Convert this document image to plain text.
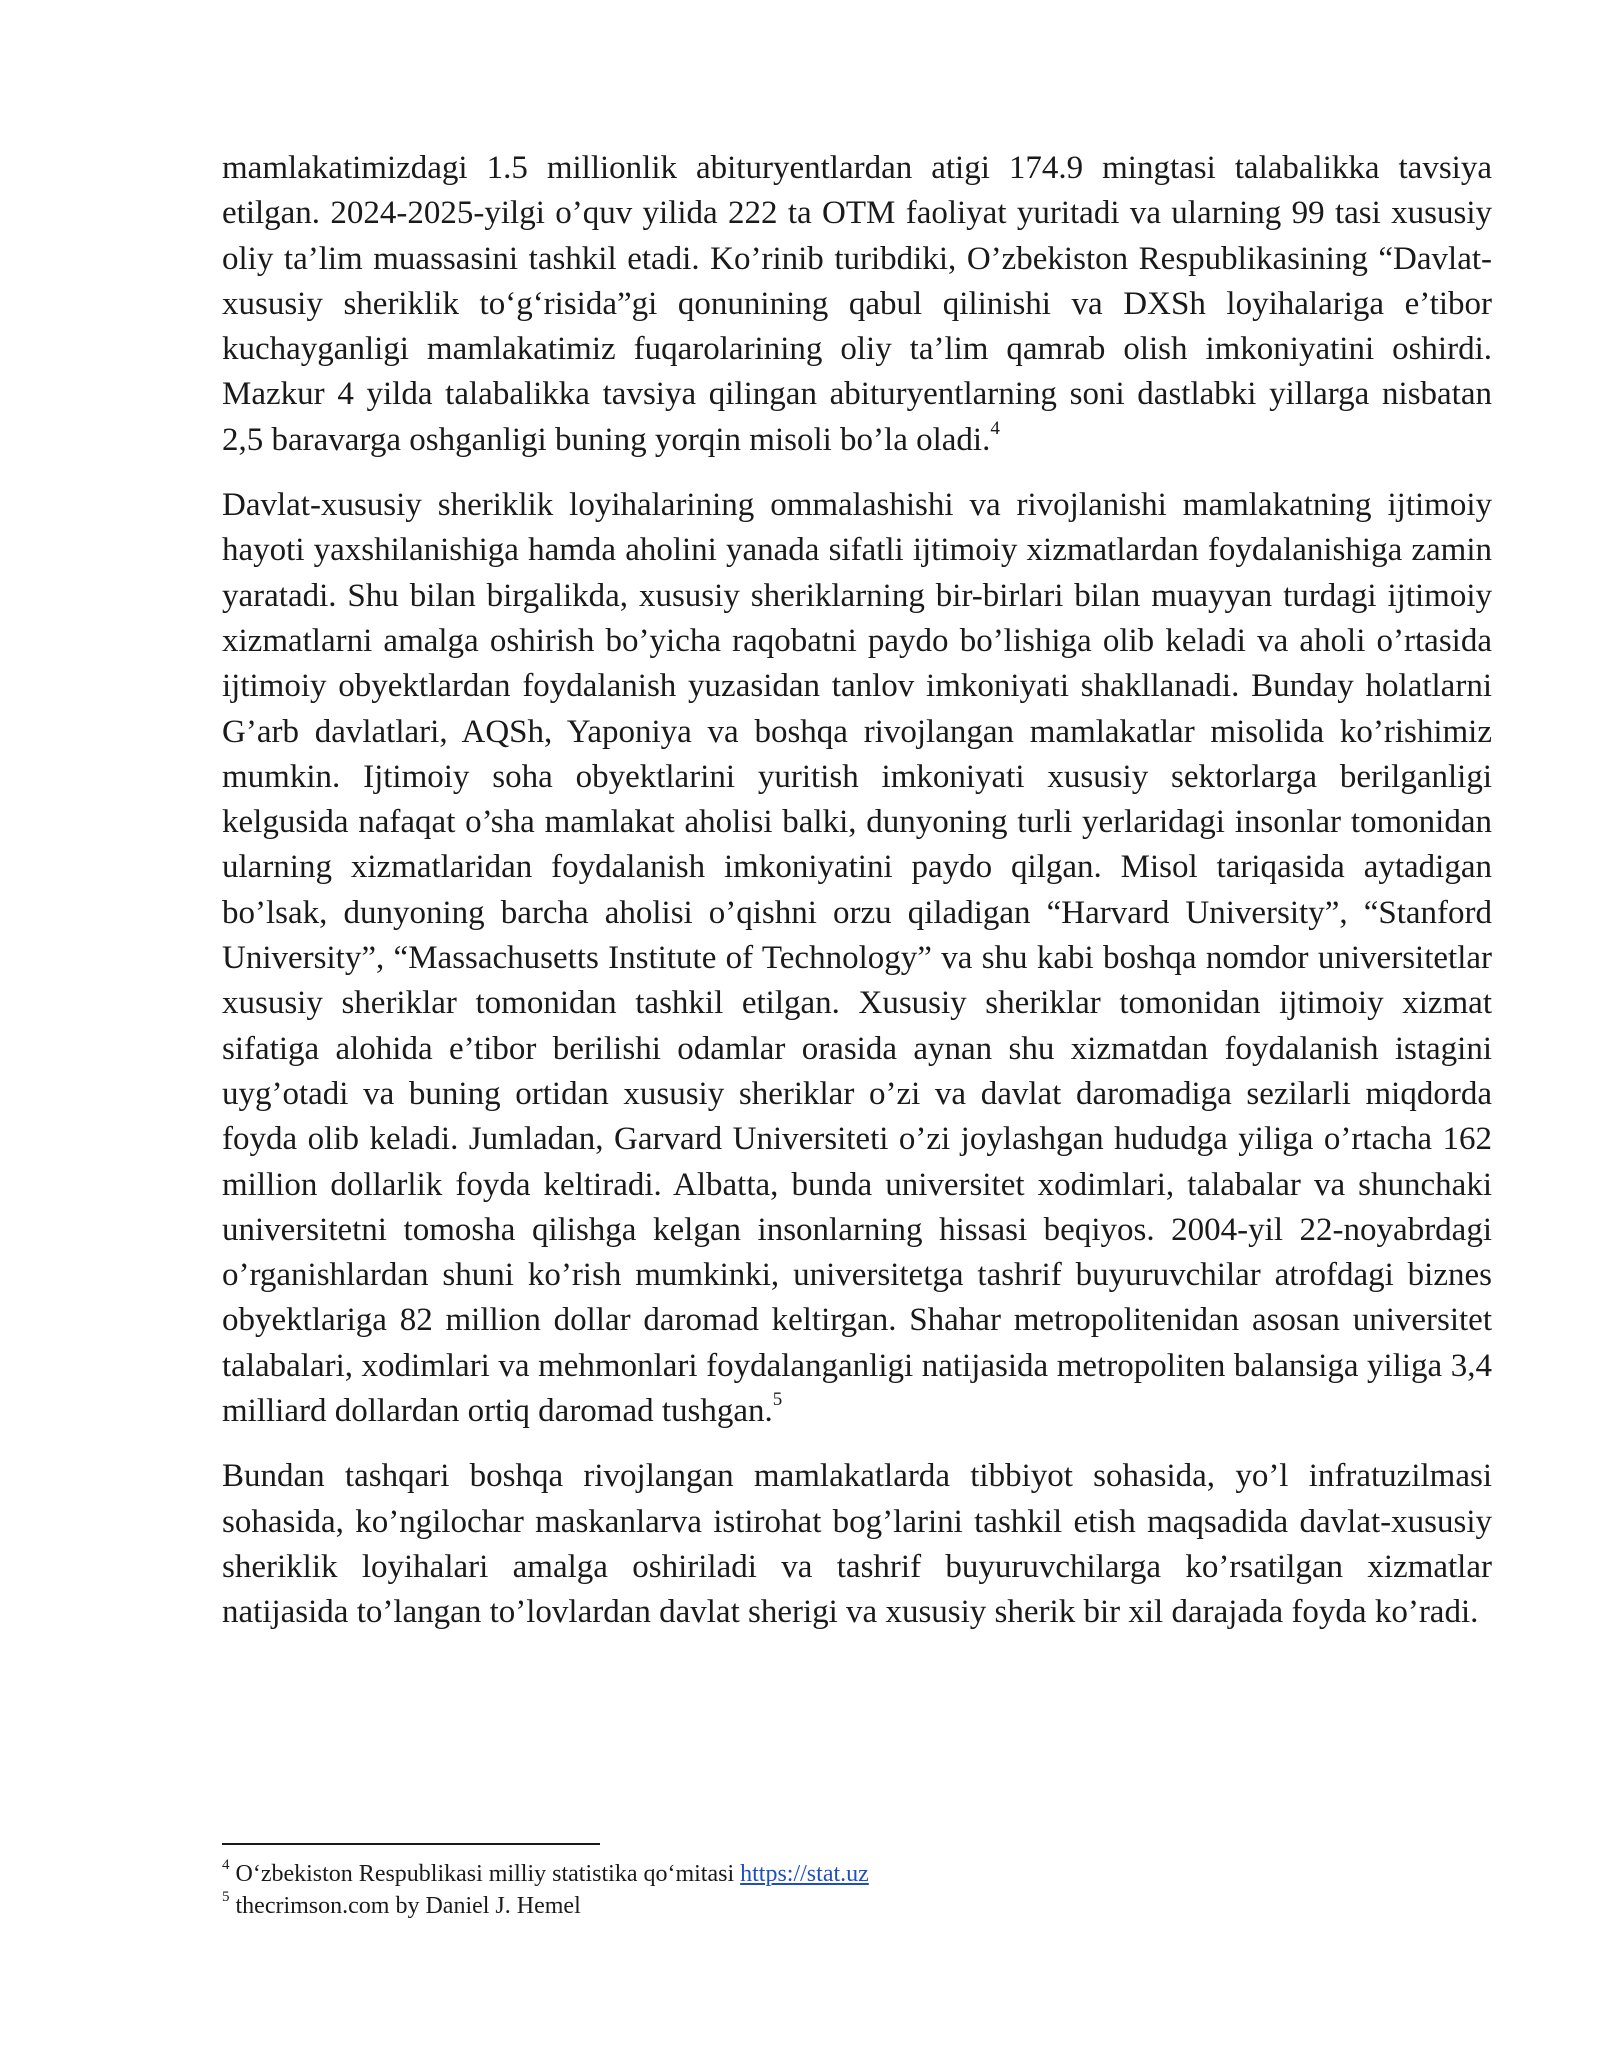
mamlakatimizdagi 1.5 millionlik abituryentlardan atigi 174.9 mingtasi talabalikka tavsiya etilgan. 2024-2025-yilgi o’quv yilida 222 ta OTM faoliyat yuritadi va ularning 99 tasi xususiy oliy ta’lim muassasini tashkil etadi. Ko’rinib turibdiki, O’zbekiston Respublikasining “Davlat-xususiy sheriklik to‘g‘risida”gi qonunining qabul qilinishi va DXSh loyihalariga e’tibor kuchayganligi mamlakatimiz fuqarolarining oliy ta’lim qamrab olish imkoniyatini oshirdi. Mazkur 4 yilda talabalikka tavsiya qilingan abituryentlarning soni dastlabki yillarga nisbatan 2,5 baravarga oshganligi buning yorqin misoli bo’la oladi.$^4$

Davlat-xususiy sheriklik loyihalarining ommalashishi va rivojlanishi mamlakatning ijtimoiy hayoti yaxshilanishiga hamda aholini yanada sifatli ijtimoiy xizmatlardan foydalanishiga zamin yaratadi. Shu bilan birgalikda, xususiy sheriklarning bir-birlari bilan muayyan turdagi ijtimoiy xizmatlarni amalga oshirish bo’yicha raqobatni paydo bo’lishiga olib keladi va aholi o’rtasida ijtimoiy obyektlardan foydalanish yuzasidan tanlov imkoniyati shakllanadi. Bunday holatlarni G’arb davlatlari, AQSh, Yaponiya va boshqa rivojlangan mamlakatlar misolida ko’rishimiz mumkin. Ijtimoiy soha obyektlarini yuritish imkoniyati xususiy sektorlarga berilganligi kelgusida nafaqat o’sha mamlakat aholisi balki, dunyoning turli yerlaridagi insonlar tomonidan ularning xizmatlaridan foydalanish imkoniyatini paydo qilgan. Misol tariqasida aytadigan bo’lsak, dunyoning barcha aholisi o’qishni orzu qiladigan “Harvard University”, “Stanford University”, “Massachusetts Institute of Technology” va shu kabi boshqa nomdor universitetlar xususiy sheriklar tomonidan tashkil etilgan. Xususiy sheriklar tomonidan ijtimoiy xizmat sifatiga alohida e’tibor berilishi odamlar orasida aynan shu xizmatdan foydalanish istagini uyg’otadi va buning ortidan xususiy sheriklar o’zi va davlat daromadiga sezilarli miqdorda foyda olib keladi. Jumladan, Garvard Universiteti o’zi joylashgan hududga yiliga o’rtacha 162 million dollarlik foyda keltiradi. Albatta, bunda universitet xodimlari, talabalar va shunchaki universitetni tomosha qilishga kelgan insonlarning hissasi beqiyos. 2004-yil 22-noyabrdagi o’rganishlardan shuni ko’rish mumkinki, universitetga tashrif buyuruvchilar atrofdagi biznes obyektlariga 82 million dollar daromad keltirgan. Shahar metropolitenidan asosan universitet talabalari, xodimlari va mehmonlari foydalanganligi natijasida metropoliten balansiga yiliga 3,4 milliard dollardan ortiq daromad tushgan.$^5$

Bundan tashqari boshqa rivojlangan mamlakatlarda tibbiyot sohasida, yo’l infratuzilmasi sohasida, ko’ngilochar maskanlarva istirohat bog’larini tashkil etish maqsadida davlat-xususiy sheriklik loyihalari amalga oshiriladi va tashrif buyuruvchilarga ko’rsatilgan xizmatlar natijasida to’langan to’lovlardan davlat sherigi va xususiy sherik bir xil darajada foyda ko’radi.

$^4$ O‘zbekiston Respublikasi milliy statistika qo‘mitasi https://stat.uz
$^5$ thecrimson.com by Daniel J. Hemel
